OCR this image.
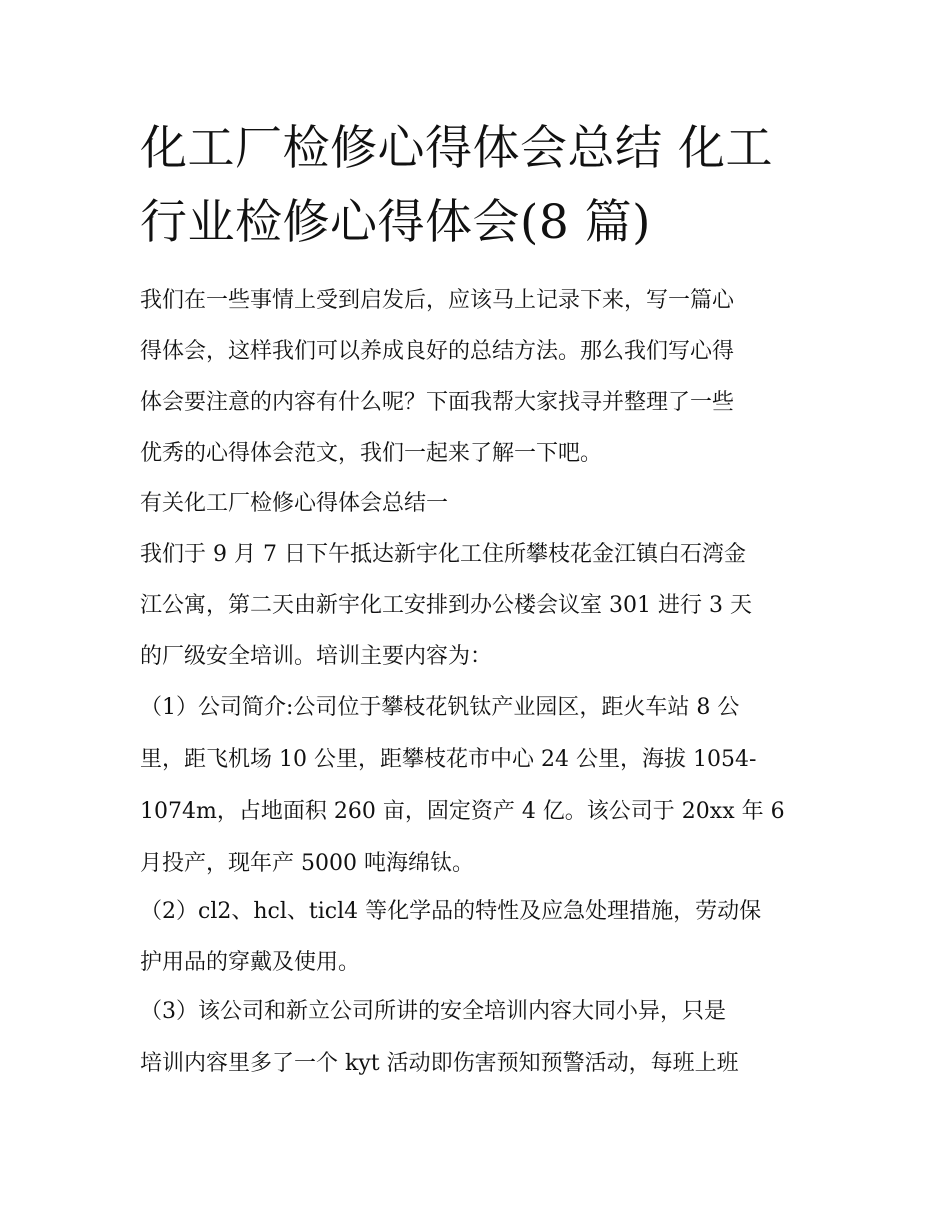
化工厂检修心得体会总结 化工
行业检修心得体会(8 篇)

我们在一些事情上受到启发后，应该马上记录下来，写一篇心
得体会，这样我们可以养成良好的总结方法。那么我们写心得
体会要注意的内容有什么呢？下面我帮大家找寻并整理了一些
优秀的心得体会范文，我们一起来了解一下吧。

有关化工厂检修心得体会总结一

我们于 9 月 7 日下午抵达新宇化工住所攀枝花金江镇白石湾金
江公寓，第二天由新宇化工安排到办公楼会议室 301 进行 3 天
的厂级安全培训。培训主要内容为：

（1）公司简介:公司位于攀枝花钒钛产业园区，距火车站 8 公
里，距飞机场 10 公里，距攀枝花市中心 24 公里，海拔 1054-
1074m，占地面积 260 亩，固定资产 4 亿。该公司于 20xx 年 6
月投产，现年产 5000 吨海绵钛。

（2）cl2、hcl、ticl4 等化学品的特性及应急处理措施，劳动保
护用品的穿戴及使用。

（3）该公司和新立公司所讲的安全培训内容大同小异，只是
培训内容里多了一个 kyt 活动即伤害预知预警活动，每班上班
